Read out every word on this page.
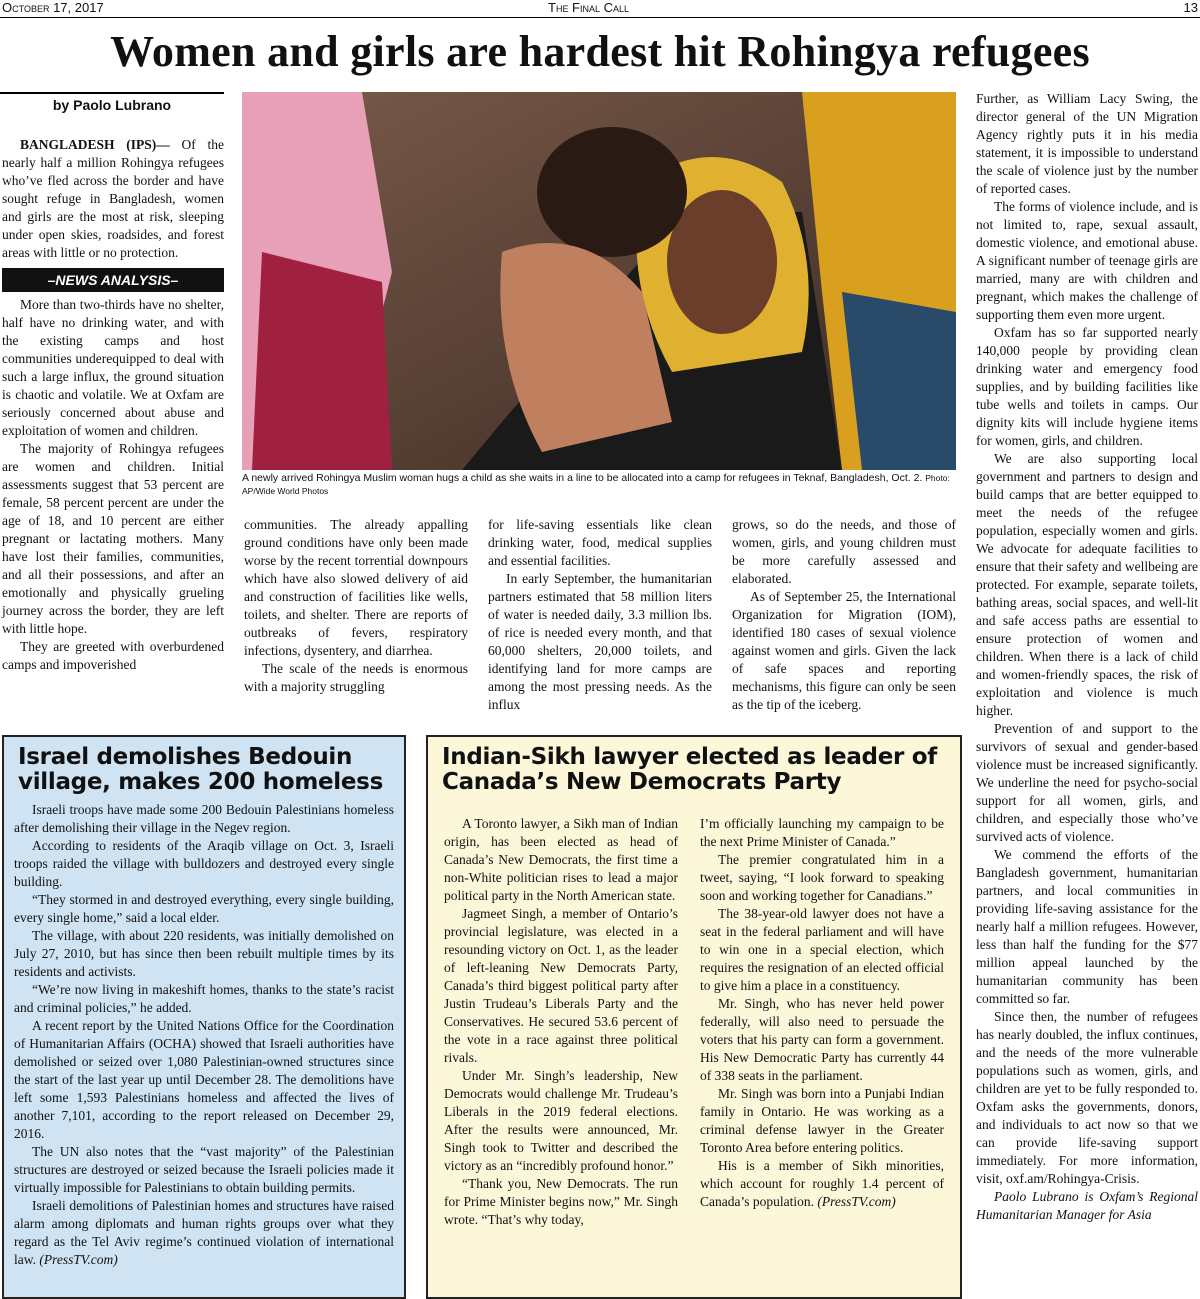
October 17, 2017	The Final Call	13
Women and girls are hardest hit Rohingya refugees
by Paolo Lubrano

BANGLADESH (IPS)— Of the nearly half a million Rohingya refugees who’ve fled across the border and have sought refuge in Bangladesh, women and girls are the most at risk, sleeping under open skies, roadsides, and forest areas with little or no protection.

–NEWS ANALYSIS–

More than two-thirds have no shelter, half have no drinking water, and with the existing camps and host communities underequipped to deal with such a large influx, the ground situation is chaotic and volatile. We at Oxfam are seriously concerned about abuse and exploitation of women and children.

The majority of Rohingya refugees are women and children. Initial assessments suggest that 53 percent are female, 58 percent percent are under the age of 18, and 10 percent are either pregnant or lactating mothers. Many have lost their families, communities, and all their possessions, and after an emotionally and physically grueling journey across the border, they are left with little hope.

They are greeted with overburdened camps and impoverished

A newly arrived Rohingya Muslim woman hugs a child as she waits in a line to be allocated into a camp for refugees in Teknaf, Bangladesh, Oct. 2. Photo: AP/Wide World Photos

communities. The already appalling ground conditions have only been made worse by the recent torrential downpours which have also slowed delivery of aid and construction of facilities like wells, toilets, and shelter. There are reports of outbreaks of fevers, respiratory infections, dysentery, and diarrhea.

The scale of the needs is enormous with a majority struggling

for life-saving essentials like clean drinking water, food, medical supplies and essential facilities.

In early September, the humanitarian partners estimated that 58 million liters of water is needed daily, 3.3 million lbs. of rice is needed every month, and that 60,000 shelters, 20,000 toilets, and identifying land for more camps are among the most pressing needs. As the influx

grows, so do the needs, and those of women, girls, and young children must be more carefully assessed and elaborated.

As of September 25, the International Organization for Migration (IOM), identified 180 cases of sexual violence against women and girls. Given the lack of safe spaces and reporting mechanisms, this figure can only be seen as the tip of the iceberg.

Further, as William Lacy Swing, the director general of the UN Migration Agency rightly puts it in his media statement, it is impossible to understand the scale of violence just by the number of reported cases.

The forms of violence include, and is not limited to, rape, sexual assault, domestic violence, and emotional abuse. A significant number of teenage girls are married, many are with children and pregnant, which makes the challenge of supporting them even more urgent.

Oxfam has so far supported nearly 140,000 people by providing clean drinking water and emergency food supplies, and by building facilities like tube wells and toilets in camps. Our dignity kits will include hygiene items for women, girls, and children.

We are also supporting local government and partners to design and build camps that are better equipped to meet the needs of the refugee population, especially women and girls. We advocate for adequate facilities to ensure that their safety and wellbeing are protected. For example, separate toilets, bathing areas, social spaces, and well-lit and safe access paths are essential to ensure protection of women and children. When there is a lack of child and women-friendly spaces, the risk of exploitation and violence is much higher.

Prevention of and support to the survivors of sexual and gender-based violence must be increased significantly. We underline the need for psycho-social support for all women, girls, and children, and especially those who’ve survived acts of violence.

We commend the efforts of the Bangladesh government, humanitarian partners, and local communities in providing life-saving assistance for the nearly half a million refugees. However, less than half the funding for the $77 million appeal launched by the humanitarian community has been committed so far.

Since then, the number of refugees has nearly doubled, the influx continues, and the needs of the more vulnerable populations such as women, girls, and children are yet to be fully responded to. Oxfam asks the governments, donors, and individuals to act now so that we can provide life-saving support immediately. For more information, visit, oxf.am/Rohingya-Crisis.

Paolo Lubrano is Oxfam’s Regional Humanitarian Manager for Asia

Israel demolishes Bedouin village, makes 200 homeless

Israeli troops have made some 200 Bedouin Palestinians homeless after demolishing their village in the Negev region.

According to residents of the Araqib village on Oct. 3, Israeli troops raided the village with bulldozers and destroyed every single building.

“They stormed in and destroyed everything, every single building, every single home,” said a local elder.

The village, with about 220 residents, was initially demolished on July 27, 2010, but has since then been rebuilt multiple times by its residents and activists.

“We’re now living in makeshift homes, thanks to the state’s racist and criminal policies,” he added.

A recent report by the United Nations Office for the Coordination of Humanitarian Affairs (OCHA) showed that Israeli authorities have demolished or seized over 1,080 Palestinian-owned structures since the start of the last year up until December 28. The demolitions have left some 1,593 Palestinians homeless and affected the lives of another 7,101, according to the report released on December 29, 2016.

The UN also notes that the “vast majority” of the Palestinian structures are destroyed or seized because the Israeli policies made it virtually impossible for Palestinians to obtain building permits.

Israeli demolitions of Palestinian homes and structures have raised alarm among diplomats and human rights groups over what they regard as the Tel Aviv regime’s continued violation of international law. (PressTV.com)

Indian-Sikh lawyer elected as leader of Canada’s New Democrats Party

A Toronto lawyer, a Sikh man of Indian origin, has been elected as head of Canada’s New Democrats, the first time a non-White politician rises to lead a major political party in the North American state.

Jagmeet Singh, a member of Ontario’s provincial legislature, was elected in a resounding victory on Oct. 1, as the leader of left-leaning New Democrats Party, Canada’s third biggest political party after Justin Trudeau’s Liberals Party and the Conservatives. He secured 53.6 percent of the vote in a race against three political rivals.

Under Mr. Singh’s leadership, New Democrats would challenge Mr. Trudeau’s Liberals in the 2019 federal elections. After the results were announced, Mr. Singh took to Twitter and described the victory as an “incredibly profound honor.”

“Thank you, New Democrats. The run for Prime Minister begins now,” Mr. Singh wrote. “That’s why today,

I’m officially launching my campaign to be the next Prime Minister of Canada.”

The premier congratulated him in a tweet, saying, “I look forward to speaking soon and working together for Canadians.”

The 38-year-old lawyer does not have a seat in the federal parliament and will have to win one in a special election, which requires the resignation of an elected official to give him a place in a constituency.

Mr. Singh, who has never held power federally, will also need to persuade the voters that his party can form a government. His New Democratic Party has currently 44 of 338 seats in the parliament.

Mr. Singh was born into a Punjabi Indian family in Ontario. He was working as a criminal defense lawyer in the Greater Toronto Area before entering politics.

His is a member of Sikh minorities, which account for roughly 1.4 percent of Canada’s population. (PressTV.com)
